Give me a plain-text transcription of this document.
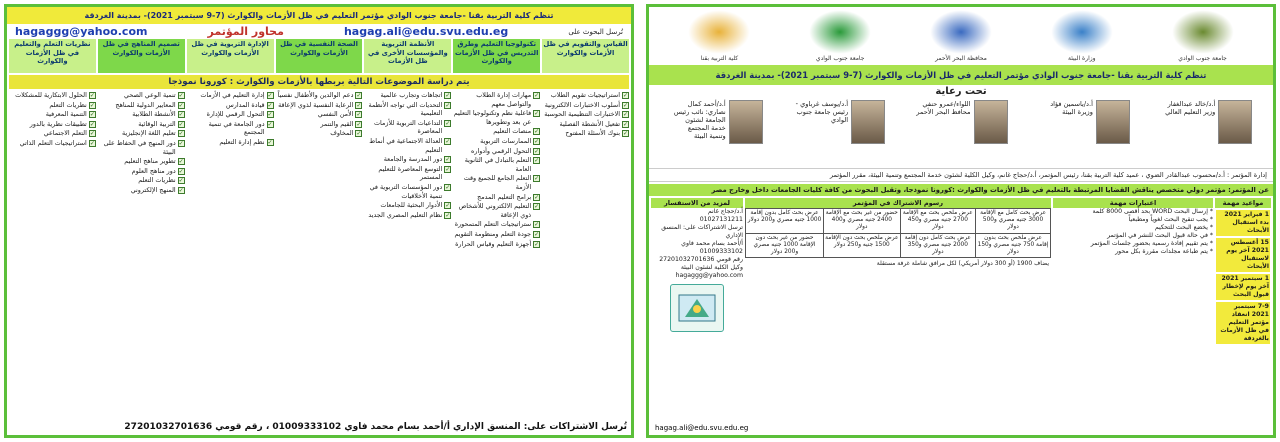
تنظم كلية التربية بقنا -جامعة جنوب الوادي مؤتمر التعليم في ظل الأزمات والكوارث (7-9 سبتمبر 2021)- بمدينة الغردقة
تُرسل البحوث على
hagag.ali@edu.svu.edu.eg
محاور المؤتمر
hagaggg@yahoo.com
القياس والتقويم في ظل الأزمات والكوارث
تكنولوجيا التعليم وطرق التدريس في ظل الأزمات والكوارث
الأنظمة التربوية والمؤسسات الأخرى في ظل الأزمات
الصحة النفسية في ظل الأزمات والكوارث
الإدارة التربوية في ظل الأزمات والكوارث
تصميم المناهج في ظل الأزمات والكوارث
نظريات التعلم والتعليم في ظل الأزمات والكوارث
يتم دراسة الموضوعات التالية بربطها بالأزمات والكوارث : كورونا نموذجا
✓
استراتيجيات تقويم الطلاب
✓
أسلوب الاختبارات الالكترونية
✓
الاختبارات التنظيمية الحوسبة
✓
تفعيل الأنشطة الفصلية
✓
بنوك الأسئلة المفتوح
✓
مهارات إدارة الطلاب والتواصل معهم
✓
فاعلية نظم وتكنولوجيا التعليم عن بعد وتطويرها
✓
منصات التعليم
✓
الممارسات التربوية
✓
التحول الرقمي وأدواره
✓
التعلم بالتبادل في الثانوية العامة
✓
التعلم الجامع للجميع وقت الأزمة
✓
برامج التعليم المدمج
✓
التعليم الالكتروني للأشخاص ذوي الإعاقة
✓
ستراتيجيات التعلم المتمحورة
✓
جودة التعلم ومنظومة التقويم
✓
أجهزة التعليم وقياس الحرارة
✓
اتجاهات وتجارب عالمية
✓
التحديات التي تواجه الأنظمة التعليمية
✓
التداعيات التربوية للأزمات المعاصرة
✓
العدالة الاجتماعية في أنماط التعليم
✓
دور المدرسة والجامعة
✓
التوسع المعاصرة للتعليم المستمر
✓
دور المؤسسات التربوية في تنمية الأخلاقيات
✓
الأدوار البحثية للجامعات
✓
نظام التعليم المصري الجديد
✓
دعم الوالدين والأطفال نفسياً
✓
الرعاية النفسية لذوي الإعاقة
✓
الأمن النفسي
✓
القيم والتنمر
✓
المخاوف
✓
إدارة التعليم في الأزمات
✓
قيادة المدارس
✓
التحول الرقمي للإدارة
✓
دور الجامعة في تنمية المجتمع
✓
نظم إدارة التعليم
✓
تنمية الوعي الصحي
✓
المعايير الدولية للمناهج
✓
الأنشطة الطلابية
✓
التربية الوقائية
✓
تعليم اللغة الإنجليزية
✓
دور المنهج في الحفاظ على البيئة
✓
تطوير مناهج التعليم
✓
دور مناهج العلوم
✓
نظريات التعلم
✓
المنهج الإلكتروني
✓
الحلول الابتكارية للمشكلات
✓
نظريات التعلم
✓
التنمية المعرفية
✓
تطبيقات نظرية بالدور
✓
التعلم الاجتماعي
✓
استراتيجيات التعلم الذاتي
تُرسل الاشتراكات على: المنسق الإداري أ/أحمد بسام محمد فاوي 01009333102 ، رقم قومي 27201032701636
كلية التربية بقنا	جامعة جنوب الوادي	محافظة البحر الأحمر	وزارة البيئة	جامعة جنوب الوادي
تنظم كلية التربية بقنا -جامعة جنوب الوادي مؤتمر التعليم في ظل الأزمات والكوارث (7-9 سبتمبر 2021)- بمدينة الغردقة
تحت رعاية
أ.د/خالد عبدالغفار وزير التعليم العالي
أ.د/ياسمين فؤاد وزيرة البيئة
اللواء/عمرو حنفي محافظ البحر الأحمر
أ.د/يوسف غرباوي - رئيس جامعة جنوب الوادي
أ.د/أحمد كمال نصاري: نائب رئيس الجامعة لشئون خدمة المجتمع وتنمية البيئة
إدارة المؤتمر : أ.د/محسوب عبدالقادر الضوي ، عميد كلية التربية بقنا، رئيس المؤتمر، أ.د/حجاج غانم، وكيل الكلية لشئون خدمة المجتمع وتنمية البيئة، مقرر المؤتمر
عن المؤتمر: مؤتمر دولي متخصص يناقش القضايا المرتبطة بالتعليم في ظل الأزمات والكوارث :كورونا نموذجا، وتقبل البحوث من كافة كليات الجامعات داخل وخارج مصر
مواعيد مهمة
1 فبراير 2021 بدء استقبال الأبحاث
15 أغسطس 2021 آخر يوم لاستقبال الأبحاث
1 سبتمبر 2021 آخر يوم لإخطار قبول البحث
7-9 سبتمبر 2021 انعقاد مؤتمر التعليم في ظل الأزمات بالغردقة
اعتبارات مهمة
* إرسال البحث WORD بحد أقصى 8000 كلمة
* يجب تنقيح البحث لغوياً ومطبعياً
* يخضع البحث للتحكيم
* في حالة قبول البحث للنشر في المؤتمر
* يتم تقييم إفادة رسمية بحضور جلسات المؤتمر
* يتم طباعة مجلدات مقررة بكل محور
رسوم الاشتراك في المؤتمر
عرض بحث كامل مع الإقامة 3000 جنيه مصري و500 دولار	عرض ملخص بحث مع الإقامة 2700 جنيه مصري و450 دولار	حضور من غير بحث مع الإقامة 2400 جنيه مصري و400 دولار	عرض بحث كامل بدون إقامة 1000 جنيه مصري و200 دولار
عرض ملخص بحث بدون إقامة 750 جنيه مصري و150 دولار	عرض بحث كامل دون إقامة 2000 جنيه مصري و350 دولار	عرض ملخص بحث دون الإقامة 1500 جنيه و250 دولار	حضور من غير بحث دون الإقامة 1000 جنيه مصري و200 دولار
يضاف 1900 (أو 300 دولار أمريكي) لكل مرافق شاملة غرفة مستقلة
لمزيد من الاستفسار
أ.د/حجاج غانم
01027131211
ترسل الاشتراكات على: المنسق الإداري
أ/أحمد بسام محمد فاوي
01009333102
رقم قومي 27201032701636
وكيل الكلية لشئون البيئة
hagaggg@yahoo.com
hagag.ali@edu.svu.edu.eg
